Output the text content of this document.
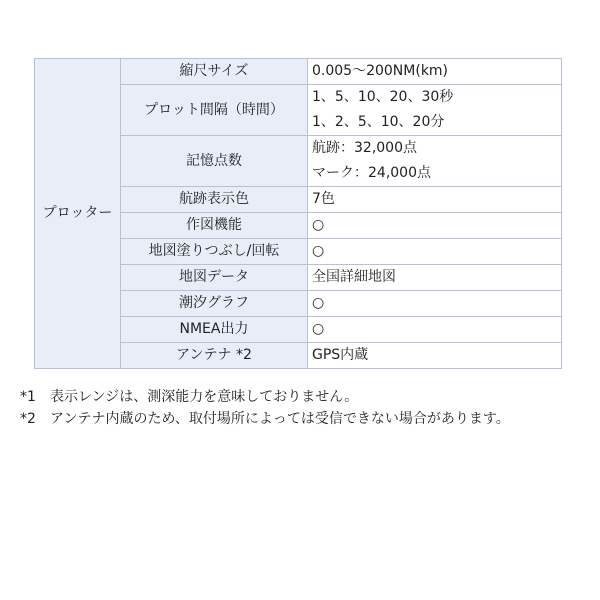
プロッター	縮尺サイズ	0.005〜200NM(km)
	プロット間隔（時間）	1、5、10、20、30秒
1、2、5、10、20分

	記憶点数	航跡：32,000点
マーク：24,000点

	航跡表示色	7色
	作図機能	○
	地図塗りつぶし/回転	○
	地図データ	全国詳細地図
	潮汐グラフ	○
	NMEA出力	○
	アンテナ *2	GPS内蔵
*1 表示レンジは、測深能力を意味しておりません。
*2 アンテナ内蔵のため、取付場所によっては受信できない場合があります。
